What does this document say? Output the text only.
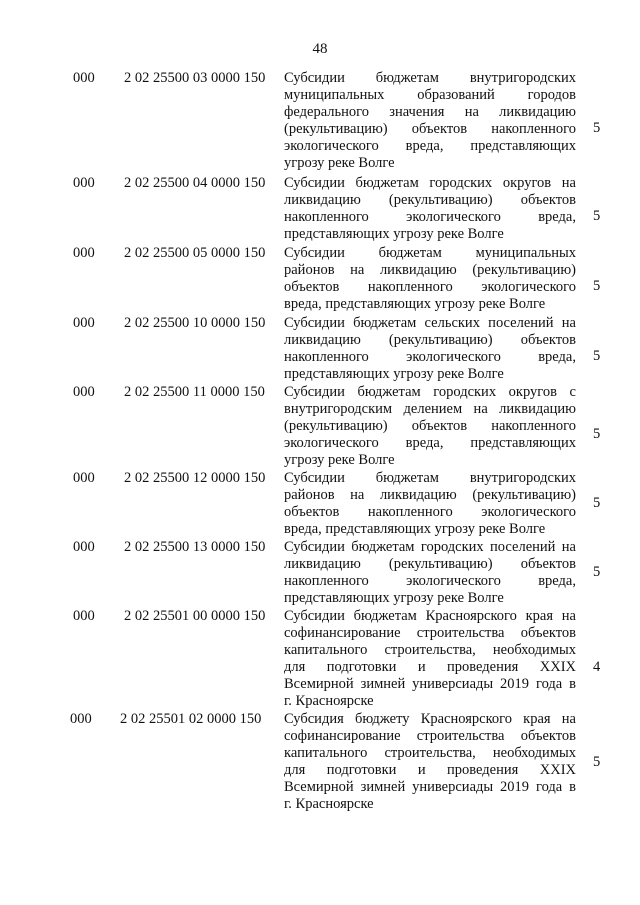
48
000 2 02 25500 03 0000 150 Субсидии бюджетам внутригородских
муниципальных образований городов
федерального значения на ликвидацию
(рекультивацию) объектов накопленного
экологического вреда, представляющих
угрозу реке Волге
5
000 2 02 25500 04 0000 150 Субсидии бюджетам городских округов на
ликвидацию (рекультивацию) объектов
накопленного экологического вреда,
представляющих угрозу реке Волге
5
000 2 02 25500 05 0000 150 Субсидии бюджетам муниципальных
районов на ликвидацию (рекультивацию)
объектов накопленного экологического
вреда, представляющих угрозу реке Волге
5
000 2 02 25500 10 0000 150 Субсидии бюджетам сельских поселений на
ликвидацию (рекультивацию) объектов
накопленного экологического вреда,
представляющих угрозу реке Волге
5
000 2 02 25500 11 0000 150 Субсидии бюджетам городских округов с
внутригородским делением на ликвидацию
(рекультивацию) объектов накопленного
экологического вреда, представляющих
угрозу реке Волге
5
000 2 02 25500 12 0000 150 Субсидии бюджетам внутригородских
районов на ликвидацию (рекультивацию)
объектов накопленного экологического
вреда, представляющих угрозу реке Волге
5
000 2 02 25500 13 0000 150 Субсидии бюджетам городских поселений на
ликвидацию (рекультивацию) объектов
накопленного экологического вреда,
представляющих угрозу реке Волге
5
000 2 02 25501 00 0000 150 Субсидии бюджетам Красноярского края на
софинансирование строительства объектов
капитального строительства, необходимых
для подготовки и проведения XXIX
Всемирной зимней универсиады 2019 года в
г. Красноярске
4
000 2 02 25501 02 0000 150 Субсидия бюджету Красноярского края на
софинансирование строительства объектов
капитального строительства, необходимых
для подготовки и проведения XXIX
Всемирной зимней универсиады 2019 года в
г. Красноярске
5
